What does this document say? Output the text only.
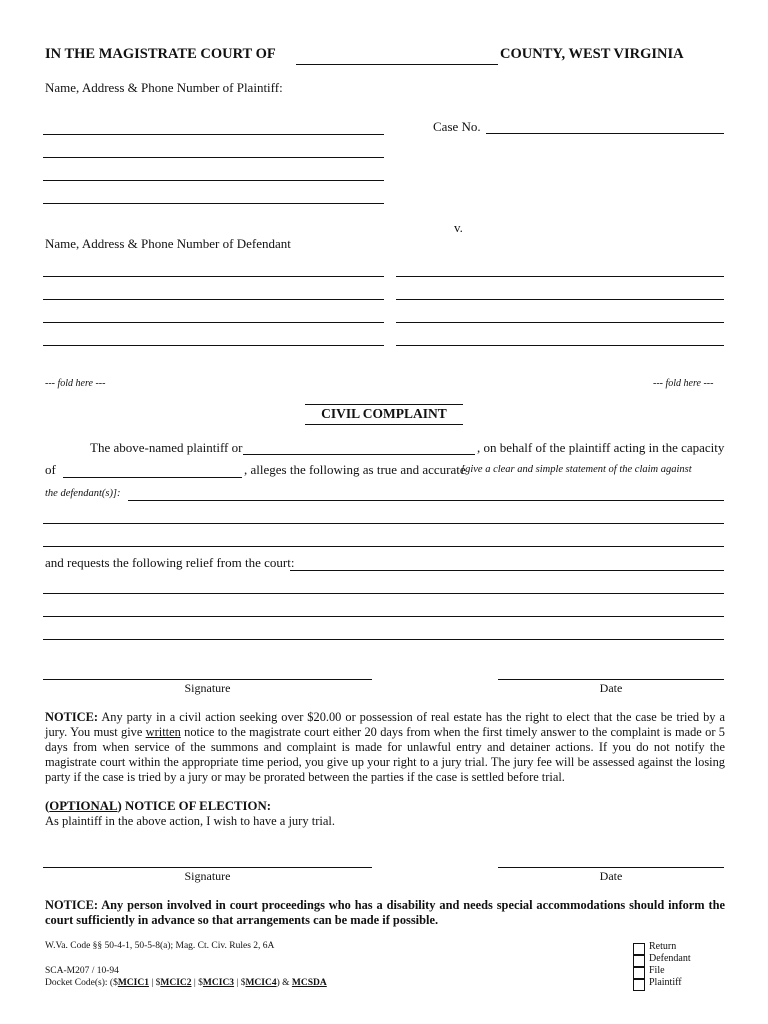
IN THE MAGISTRATE COURT OF	COUNTY, WEST VIRGINIA
Name, Address & Phone Number of Plaintiff:
Case No.
v.
Name, Address & Phone Number of Defendant
--- fold here ---	--- fold here ---
CIVIL COMPLAINT
The above-named plaintiff or	, on behalf of the plaintiff acting in the capacity
of	, alleges the following as true and accurate
[give a clear and simple statement of the claim against
the defendant(s)]:
and requests the following relief from the court:
Signature	Date
NOTICE: Any party in a civil action seeking over $20.00 or possession of real estate has the right to elect that the case be tried by a jury. You must give written notice to the magistrate court either 20 days from when the first timely answer to the complaint is made or 5 days from when service of the summons and complaint is made for unlawful entry and detainer actions. If you do not notify the magistrate court within the appropriate time period, you give up your right to a jury trial. The jury fee will be assessed against the losing party if the case is tried by a jury or may be prorated between the parties if the case is settled before trial.
(OPTIONAL) NOTICE OF ELECTION:
As plaintiff in the above action, I wish to have a jury trial.
Signature	Date
NOTICE: Any person involved in court proceedings who has a disability and needs special accommodations should inform the court sufficiently in advance so that arrangements can be made if possible.
W.Va. Code §§ 50-4-1, 50-5-8(a); Mag. Ct. Civ. Rules 2, 6A
SCA-M207 / 10-94
Docket Code(s): ($MCIC1 | $MCIC2 | $MCIC3 | $MCIC4) & MCSDA
Return
Defendant
File
Plaintiff
